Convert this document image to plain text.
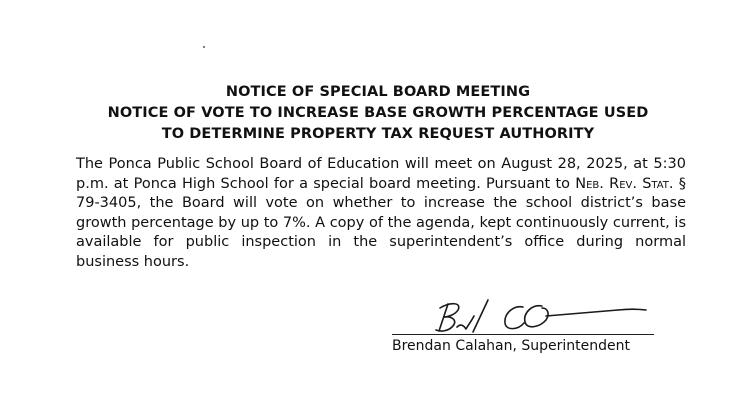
NOTICE OF SPECIAL BOARD MEETING
NOTICE OF VOTE TO INCREASE BASE GROWTH PERCENTAGE USED
TO DETERMINE PROPERTY TAX REQUEST AUTHORITY
The Ponca Public School Board of Education will meet on August 28, 2025, at 5:30 p.m. at Ponca High School for a special board meeting. Pursuant to Neb. Rev. Stat. § 79-3405, the Board will vote on whether to increase the school district’s base growth percentage by up to 7%. A copy of the agenda, kept continuously current, is available for public inspection in the superintendent’s office during normal business hours.
Brendan Calahan, Superintendent
